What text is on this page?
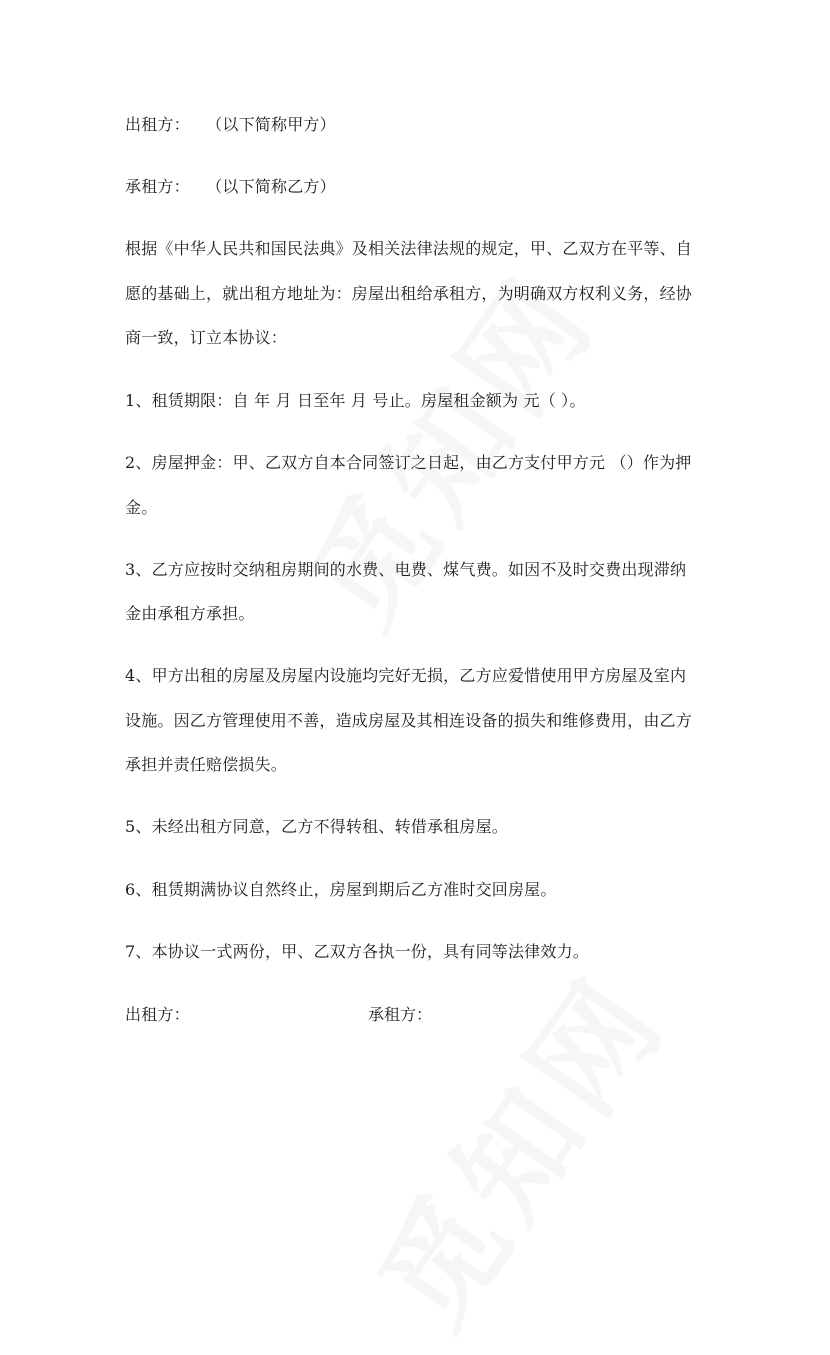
出租方：　　（以下简称甲方）
承租方：　　（以下简称乙方）
根据《中华人民共和国民法典》及相关法律法规的规定，甲、乙双方在平等、自
愿的基础上，就出租方地址为：房屋出租给承租方，为明确双方权利义务，经协
商一致，订立本协议：
1、租赁期限：自 年 月 日至年 月 号止。房屋租金额为 元（ ）。
2、房屋押金：甲、乙双方自本合同签订之日起，由乙方支付甲方元 （）作为押
金。
3、乙方应按时交纳租房期间的水费、电费、煤气费。如因不及时交费出现滞纳
金由承租方承担。
4、甲方出租的房屋及房屋内设施均完好无损，乙方应爱惜使用甲方房屋及室内
设施。因乙方管理使用不善，造成房屋及其相连设备的损失和维修费用，由乙方
承担并责任赔偿损失。
5、未经出租方同意，乙方不得转租、转借承租房屋。
6、租赁期满协议自然终止，房屋到期后乙方准时交回房屋。
7、本协议一式两份，甲、乙双方各执一份，具有同等法律效力。
出租方：	承租方：
